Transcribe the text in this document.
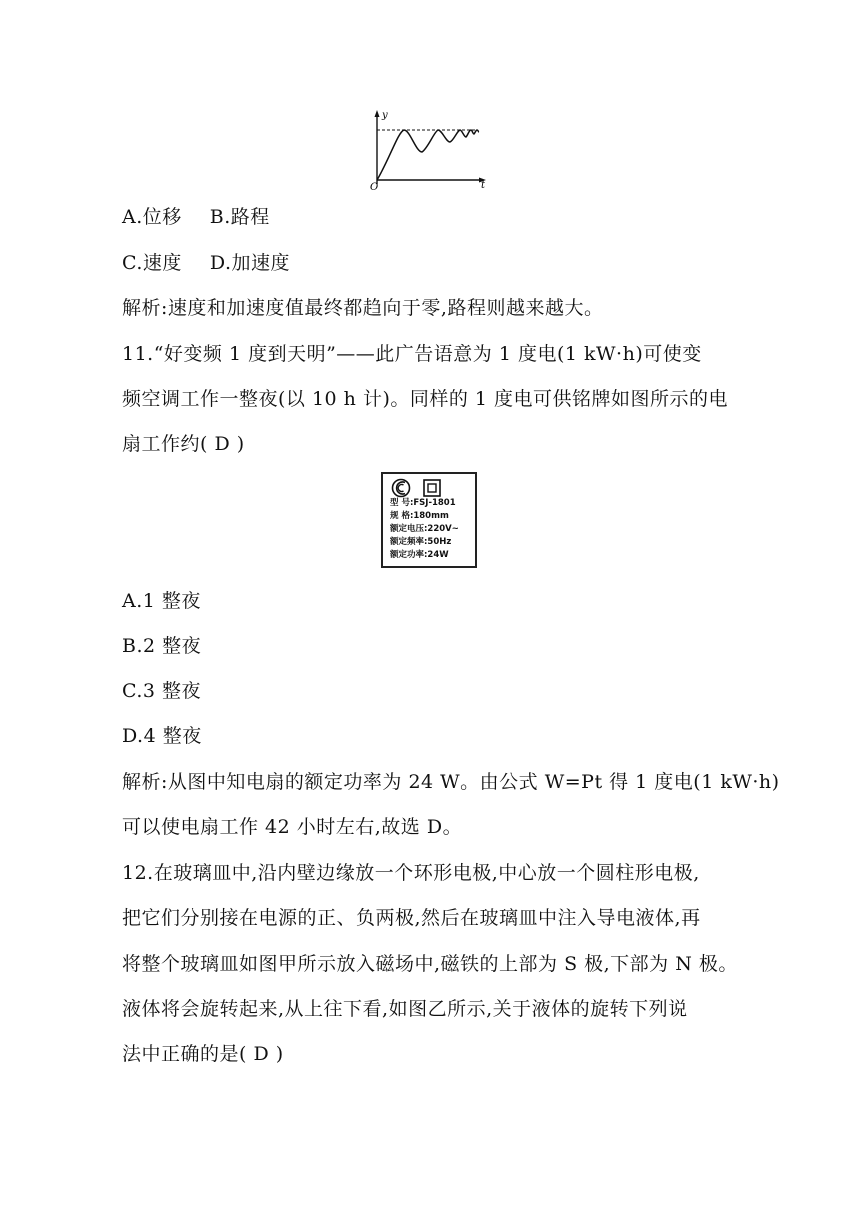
y
O	t
A.位移 B.路程
C.速度 D.加速度
解析:速度和加速度值最终都趋向于零,路程则越来越大。
11.“好变频 1 度到天明”——此广告语意为 1 度电(1 kW·h)可使变
频空调工作一整夜(以 10 h 计)。同样的 1 度电可供铭牌如图所示的电
扇工作约( D )
型 号:FSJ-1801
规 格:180mm
额定电压:220V~
额定频率:50Hz
额定功率:24W
A.1 整夜
B.2 整夜
C.3 整夜
D.4 整夜
解析:从图中知电扇的额定功率为 24 W。由公式 W=Pt 得 1 度电(1 kW·h)
可以使电扇工作 42 小时左右,故选 D。
12.在玻璃皿中,沿内壁边缘放一个环形电极,中心放一个圆柱形电极,
把它们分别接在电源的正、负两极,然后在玻璃皿中注入导电液体,再
将整个玻璃皿如图甲所示放入磁场中,磁铁的上部为 S 极,下部为 N 极。
液体将会旋转起来,从上往下看,如图乙所示,关于液体的旋转下列说
法中正确的是( D )
